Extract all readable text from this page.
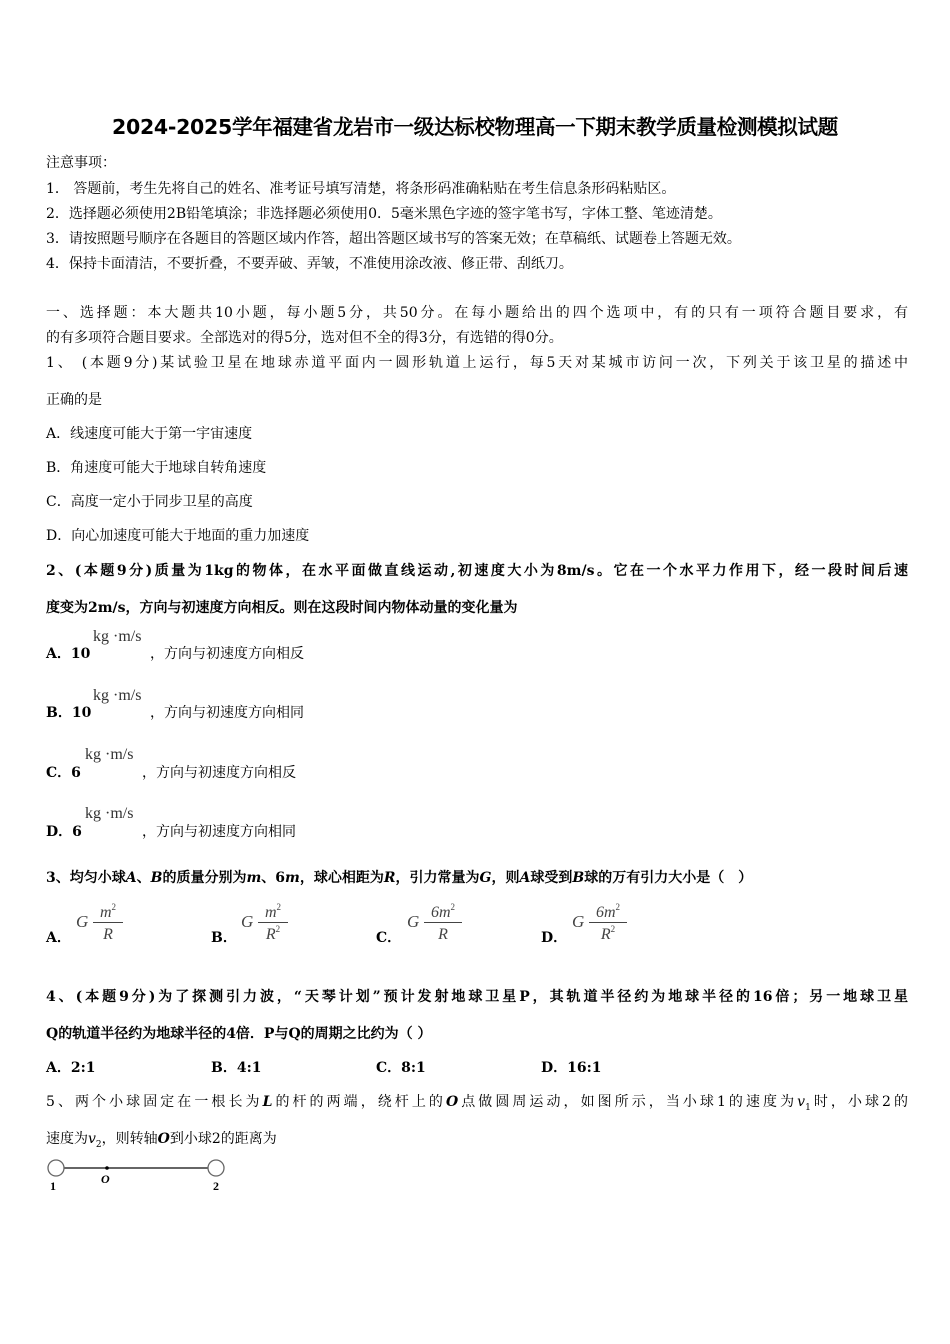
2024-2025学年福建省龙岩市一级达标校物理高一下期末教学质量检测模拟试题
注意事项：
1． 答题前，考生先将自己的姓名、准考证号填写清楚，将条形码准确粘贴在考生信息条形码粘贴区。
2．选择题必须使用2B铅笔填涂；非选择题必须使用0．5毫米黑色字迹的签字笔书写，字体工整、笔迹清楚。
3．请按照题号顺序在各题目的答题区域内作答，超出答题区域书写的答案无效；在草稿纸、试题卷上答题无效。
4．保持卡面清洁，不要折叠，不要弄破、弄皱，不准使用涂改液、修正带、刮纸刀。
一、选择题：本大题共10小题，每小题5分，共50分。在每小题给出的四个选项中，有的只有一项符合题目要求，有
的有多项符合题目要求。全部选对的得5分，选对但不全的得3分，有选错的得0分。
1、 (本题9分)某试验卫星在地球赤道平面内一圆形轨道上运行，每5天对某城市访问一次，下列关于该卫星的描述中
正确的是
A．线速度可能大于第一宇宙速度
B．角速度可能大于地球自转角速度
C．高度一定小于同步卫星的高度
D．向心加速度可能大于地面的重力加速度
2、(本题9分)质量为1kg的物体，在水平面做直线运动,初速度大小为8m/s。它在一个水平力作用下，经一段时间后速
度变为2m/s，方向与初速度方向相反。则在这段时间内物体动量的变化量为
A．10
kg ·m/s
，方向与初速度方向相反
B．10
kg ·m/s
，方向与初速度方向相同
C．6
kg ·m/s
，方向与初速度方向相反
D．6
kg ·m/s
，方向与初速度方向相同
3、均匀小球A、B的质量分别为m、6m，球心相距为R，引力常量为G，则A球受到B球的万有引力大小是（　）
A．
G $m^2$
R	B．
G $m^2$
$R^2$
C．
G $6m^2$
R	D．
G $6m^2$
$R^2$
4、(本题9分)为了探测引力波，“天琴计划”预计发射地球卫星P，其轨道半径约为地球半径的16倍；另一地球卫星
Q的轨道半径约为地球半径的4倍．P与Q的周期之比约为（ ）
A．2:1	B．4:1	C．8:1	D．16:1
5、两个小球固定在一根长为L的杆的两端，绕杆上的O点做圆周运动，如图所示，当小球1的速度为$v_1$时，小球2的
速度为$v_2$，则转轴O到小球2的距离为
1	O	2
